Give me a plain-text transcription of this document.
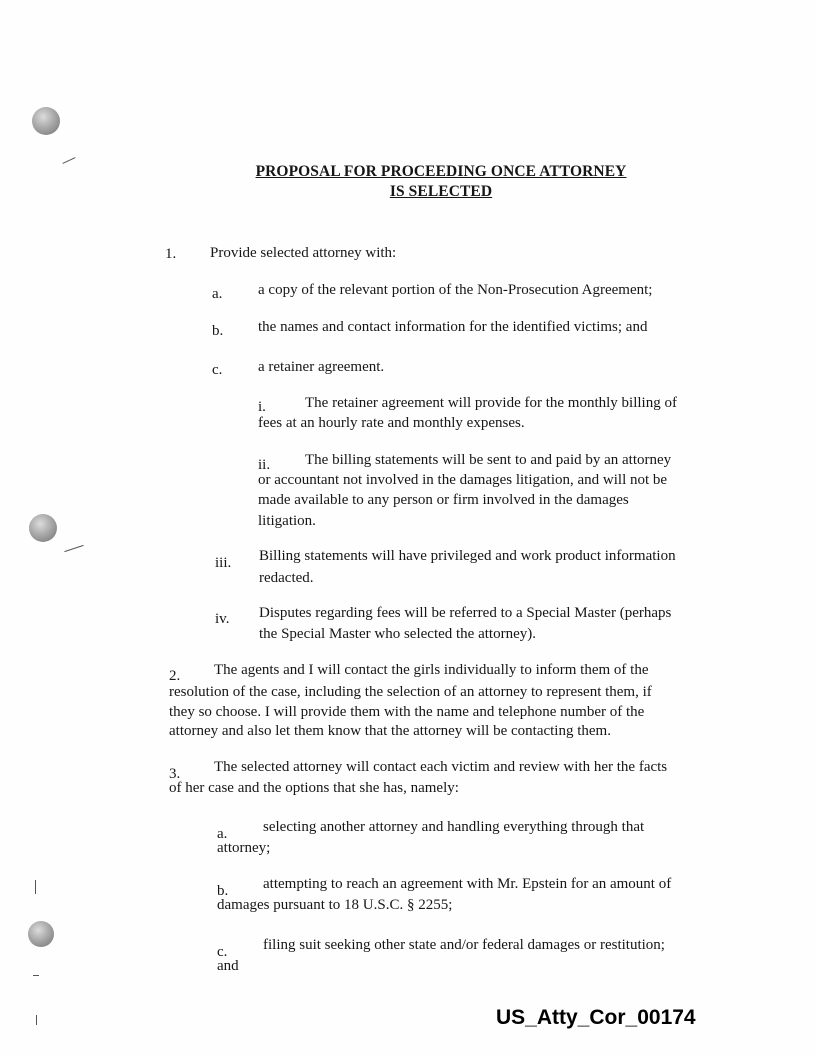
PROPOSAL FOR PROCEEDING ONCE ATTORNEY
IS SELECTED
1. Provide selected attorney with:
a. a copy of the relevant portion of the Non-Prosecution Agreement;
b. the names and contact information for the identified victims; and
c. a retainer agreement.
i.	The retainer agreement will provide for the monthly billing of
fees at an hourly rate and monthly expenses.
ii. The billing statements will be sent to and paid by an attorney
or accountant not involved in the damages litigation, and will not be
made available to any person or firm involved in the damages
litigation.
iii. Billing statements will have privileged and work product information
redacted.
iv. Disputes regarding fees will be referred to a Special Master (perhaps
the Special Master who selected the attorney).
2. The agents and I will contact the girls individually to inform them of the
resolution of the case, including the selection of an attorney to represent them, if
they so choose. I will provide them with the name and telephone number of the
attorney and also let them know that the attorney will be contacting them.
3. The selected attorney will contact each victim and review with her the facts
of her case and the options that she has, namely:
a. selecting another attorney and handling everything through that
attorney;
b. attempting to reach an agreement with Mr. Epstein for an amount of
damages pursuant to 18 U.S.C. § 2255;
c. filing suit seeking other state and/or federal damages or restitution;
and
US_Atty_Cor_00174
